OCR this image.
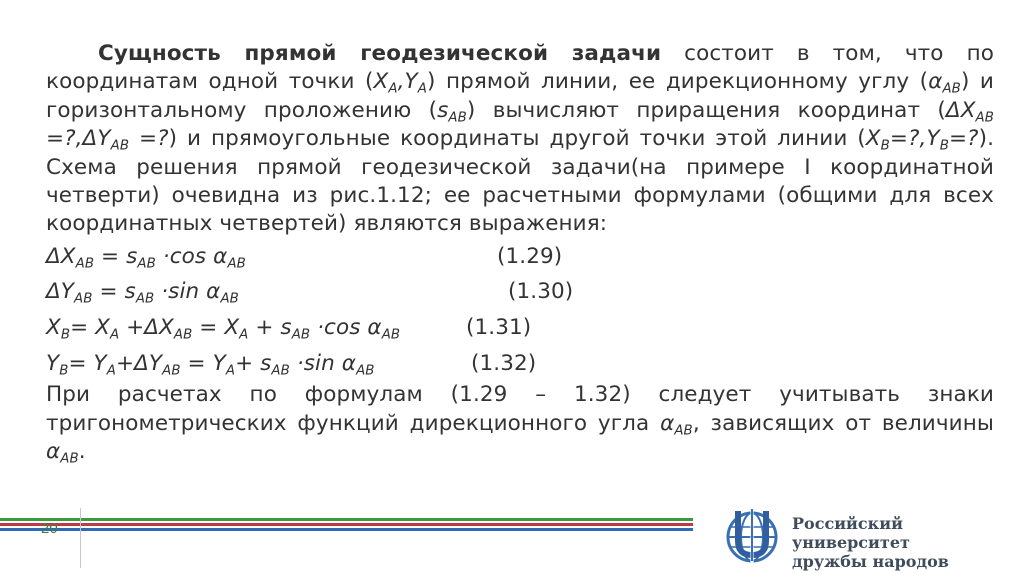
Сущность прямой геодезической задачи состоит в том, что по координатам одной точки $(X_A,Y_A)$ прямой линии, ее дирекционному углу $(\alpha_{AB})$ и горизонтальному проложению $(s_{AB})$ вычисляют приращения координат ($\Delta X_{AB}$ $=?,\Delta Y_{AB}$ =?) и прямоугольные координаты другой точки этой линии $(X_B=?,Y_B=?)$. Схема решения прямой геодезической задачи(на примере I координатной четверти) очевидна из рис.1.12; ее расчетными формулами (общими для всех координатных четвертей) являются выражения:

$\Delta X_{AB} = s_{AB} \cdot\cos$ $\alpha_{AB}$	(1.29)
$\Delta Y_{AB} = s_{AB} \cdot\sin$ $\alpha_{AB}$	(1.30)
$X_B= X_A +\Delta X_{AB} = X_A + s_{AB} \cdot\cos$ $\alpha_{AB}$	(1.31)
$Y_B= Y_A+\Delta Y_{AB} = Y_A+ s_{AB} \cdot\sin$ $\alpha_{AB}$	(1.32)

При расчетах по формулам (1.29 – 1.32) следует учитывать знаки тригонометрических функций дирекционного угла $\alpha_{AB}$, зависящих от величины $\alpha_{AB}$.

20	Российский университет
дружбы народов
